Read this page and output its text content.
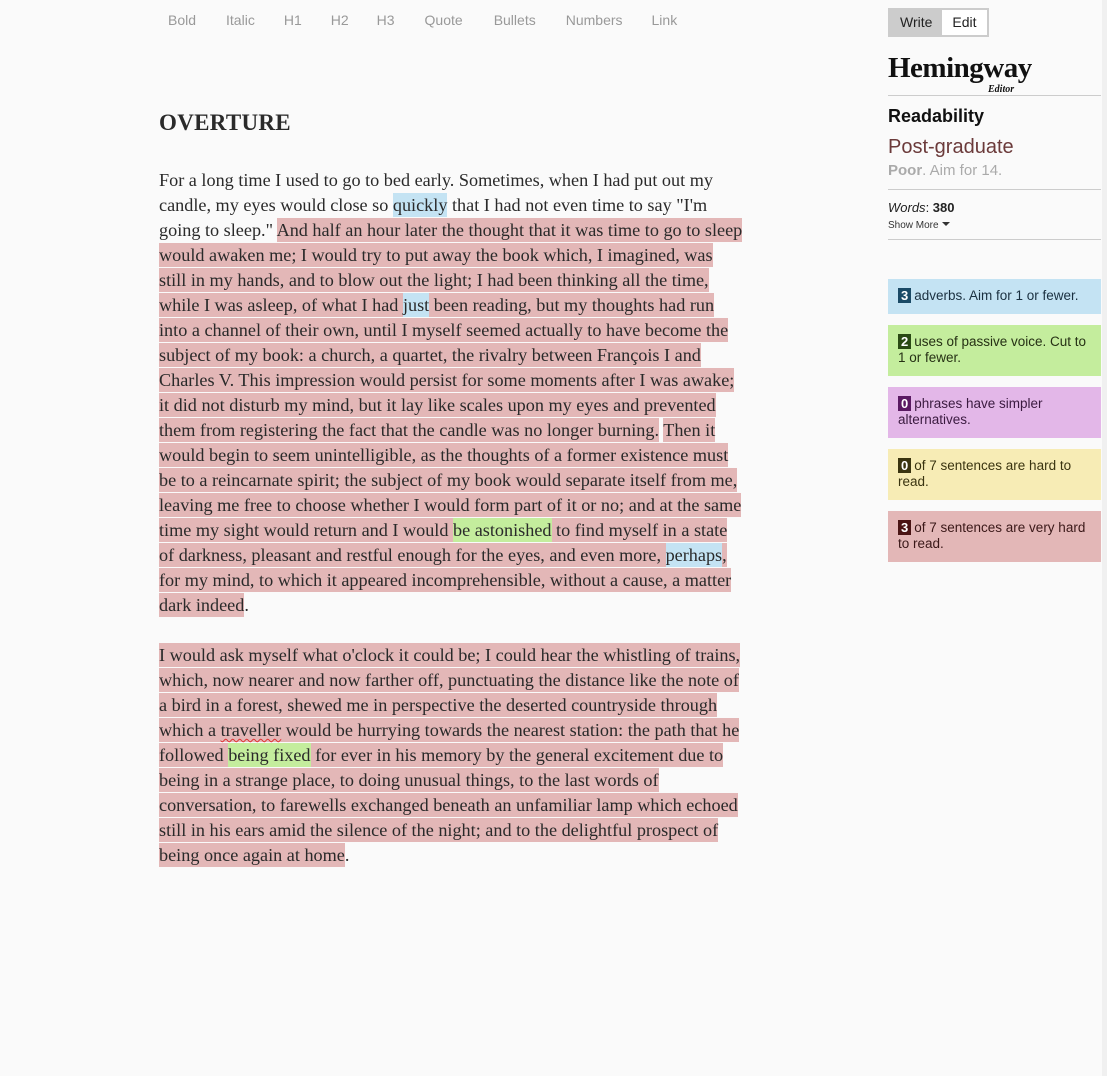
Bold Italic H1 H2 H3 Quote Bullets Numbers Link
OVERTURE

For a long time I used to go to bed early. Sometimes, when I had put out my candle, my eyes would close so quickly that I had not even time to say "I'm going to sleep." And half an hour later the thought that it was time to go to sleep would awaken me; I would try to put away the book which, I imagined, was still in my hands, and to blow out the light; I had been thinking all the time, while I was asleep, of what I had just been reading, but my thoughts had run into a channel of their own, until I myself seemed actually to have become the subject of my book: a church, a quartet, the rivalry between François I and Charles V. This impression would persist for some moments after I was awake; it did not disturb my mind, but it lay like scales upon my eyes and prevented them from registering the fact that the candle was no longer burning. Then it would begin to seem unintelligible, as the thoughts of a former existence must be to a reincarnate spirit; the subject of my book would separate itself from me, leaving me free to choose whether I would form part of it or no; and at the same time my sight would return and I would be astonished to find myself in a state of darkness, pleasant and restful enough for the eyes, and even more, perhaps, for my mind, to which it appeared incomprehensible, without a cause, a matter dark indeed.

I would ask myself what o'clock it could be; I could hear the whistling of trains, which, now nearer and now farther off, punctuating the distance like the note of a bird in a forest, shewed me in perspective the deserted countryside through which a traveller would be hurrying towards the nearest station: the path that he followed being fixed for ever in his memory by the general excitement due to being in a strange place, to doing unusual things, to the last words of conversation, to farewells exchanged beneath an unfamiliar lamp which echoed still in his ears amid the silence of the night; and to the delightful prospect of being once again at home.

Write	Edit
Hemingway
Editor
Readability
Post-graduate
Poor. Aim for 14.
Words: 380
Show More
3 adverbs. Aim for 1 or fewer.
2 uses of passive voice. Cut to 1 or fewer.
0 phrases have simpler alternatives.
0 of 7 sentences are hard to read.
3 of 7 sentences are very hard to read.
